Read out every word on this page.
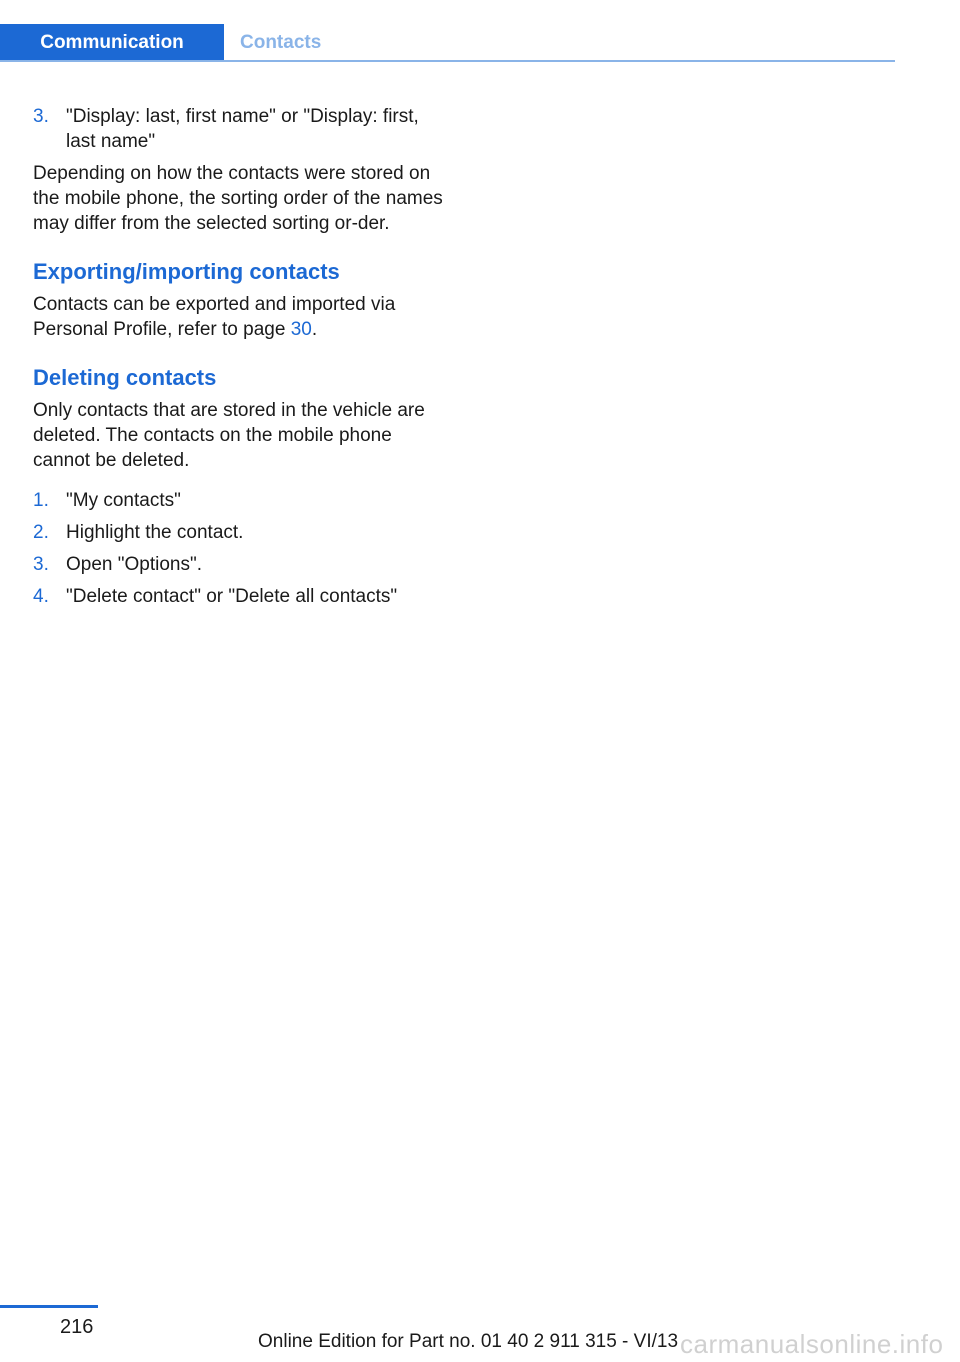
Communication	Contacts
3. "Display: last, first name" or "Display: first, last name"

Depending on how the contacts were stored on the mobile phone, the sorting order of the names may differ from the selected sorting or‐der.

Exporting/importing contacts

Contacts can be exported and imported via Personal Profile, refer to page 30.

Deleting contacts

Only contacts that are stored in the vehicle are deleted. The contacts on the mobile phone cannot be deleted.

1. "My contacts"
2. Highlight the contact.
3. Open "Options".
4. "Delete contact" or "Delete all contacts"
216
Online Edition for Part no. 01 40 2 911 315 - VI/13 carmanualsonline.info
